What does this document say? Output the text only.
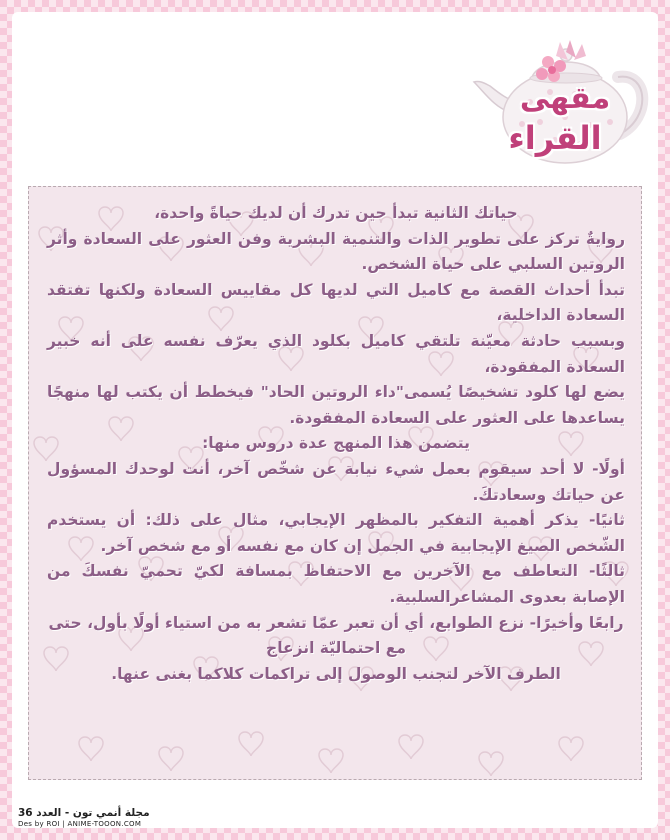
مقهى
القراء

حياتك الثانية تبدأ حين تدرك أن لديك حياةً واحدة،

روايةٌ تركز على تطوير الذات والتنمية البشرية وفن العثور على السعادة وأثر الروتين السلبي على حياة الشخص.

تبدأ أحداث القصة مع كاميل التي لديها كل مقاييس السعادة ولكنها تفتقد السعادة الداخلية،

وبسبب حادثة معيّنة تلتقي كاميل بكلود الذي يعرّف نفسه على أنه خبير السعادة المفقودة،

يضع لها كلود تشخيصًا يُسمى"داء الروتين الحاد" فيخطط أن يكتب لها منهجًا يساعدها على العثور على السعادة المفقودة.

يتضمن هذا المنهج عدة دروس منها:

أولًا- لا أحد سيقوم بعمل شيء نيابة عن شخّص آخر، أنت لوحدك المسؤول عن حياتك وسعادتكَ.

ثانيًا- يذكر أهمية التفكير بالمظهر الإيجابي، مثال على ذلك: أن يستخدم الشّخص الصيغ الإيجابية في الجمل إن كان مع نفسه أو مع شخص آخر.

ثالثًا- التعاطف مع الآخرين مع الاحتفاظ بمسافة لكيّ تحميّ نفسكَ من الإصابة بعدوى المشاعرالسلبية.

رابعًا وأخيرًا- نزع الطوابع، أي أن تعبر عمّا تشعر به من استياء أولًا بأول، حتى مع احتماليّة انزعاج

الطرف الآخر لتجنب الوصول إلى تراكمات كلاكما بغنى عنها.

مجلة أنمي تون - العدد 36
Des by ROI | ANIME-TOOON.COM
